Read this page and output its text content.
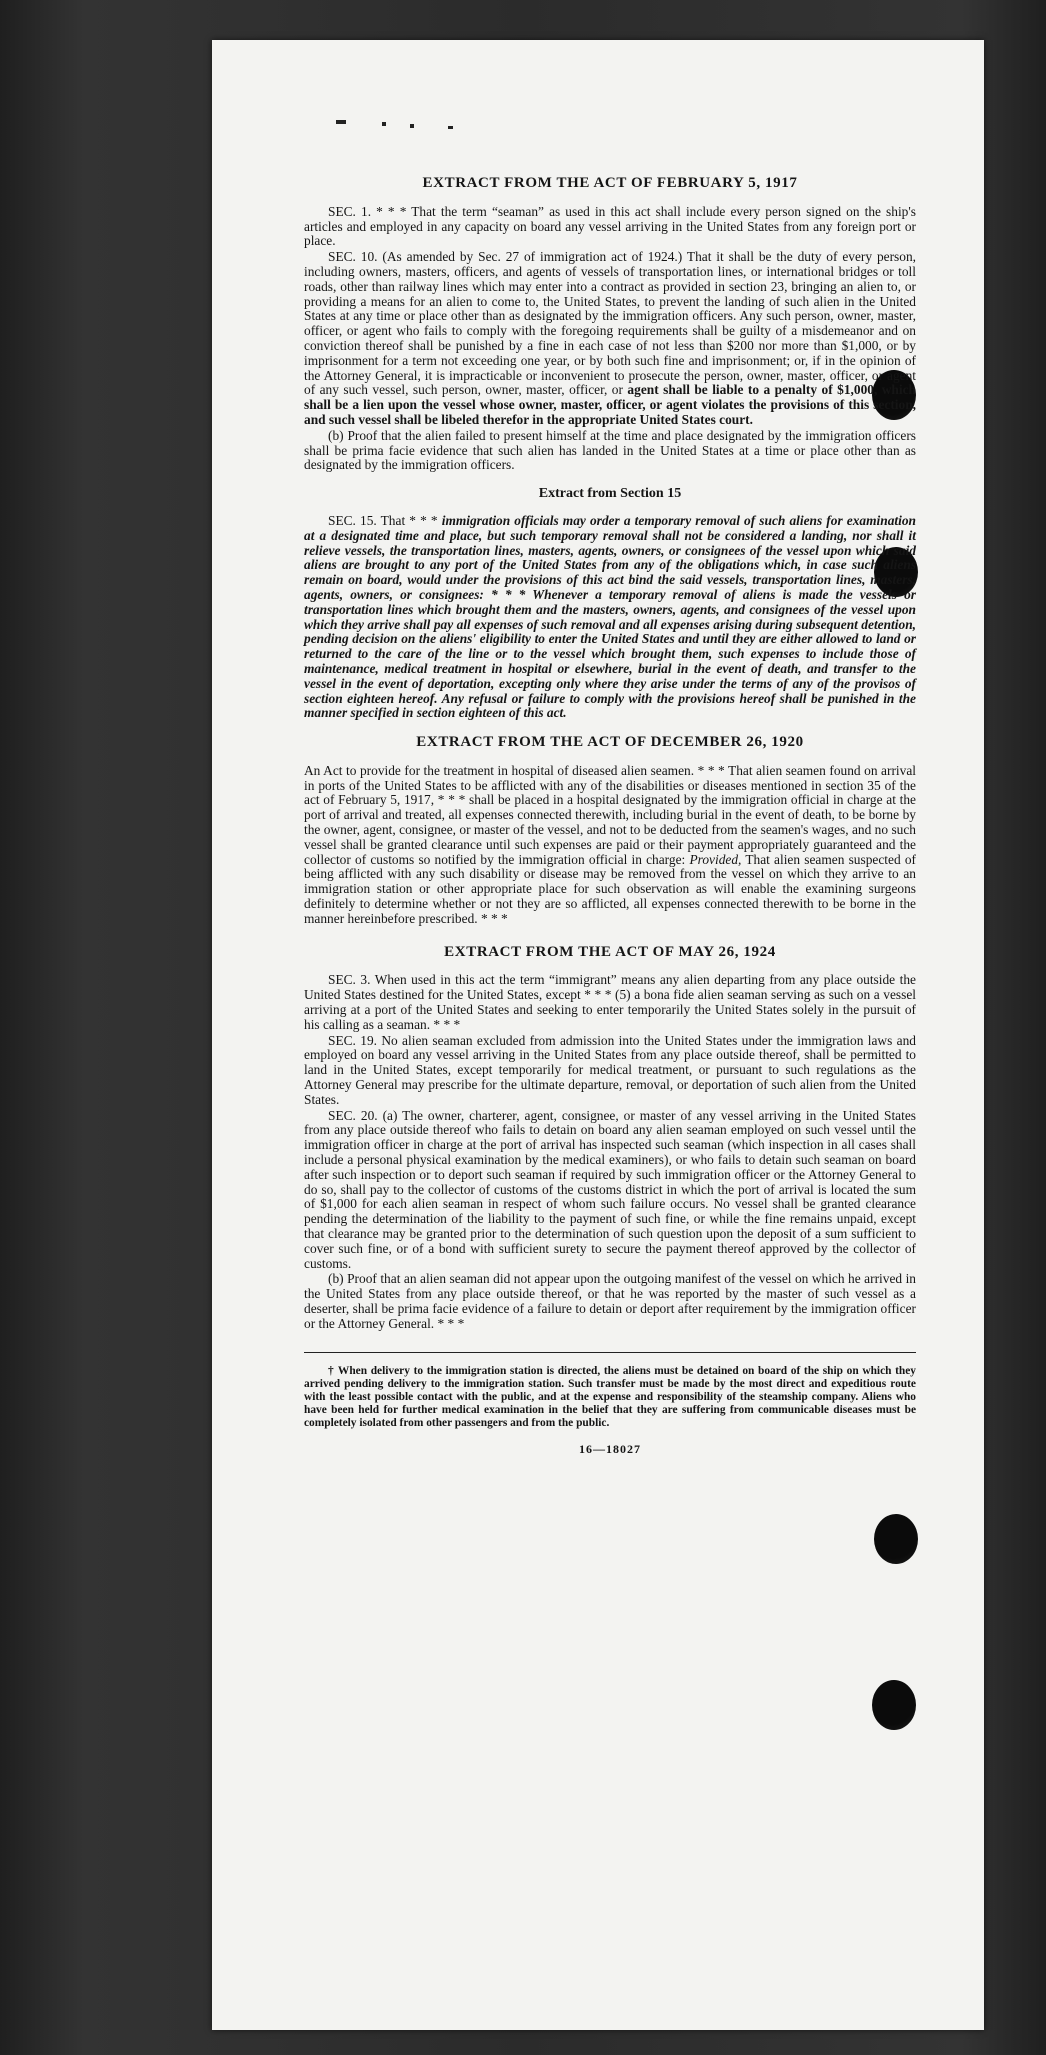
EXTRACT FROM THE ACT OF FEBRUARY 5, 1917

SEC. 1. * * * That the term “seaman” as used in this act shall include every person signed on the ship's articles and employed in any capacity on board any vessel arriving in the United States from any foreign port or place.

SEC. 10. (As amended by Sec. 27 of immigration act of 1924.) That it shall be the duty of every person, including owners, masters, officers, and agents of vessels of transportation lines, or international bridges or toll roads, other than railway lines which may enter into a contract as provided in section 23, bringing an alien to, or providing a means for an alien to come to, the United States, to prevent the landing of such alien in the United States at any time or place other than as designated by the immigration officers. Any such person, owner, master, officer, or agent who fails to comply with the foregoing requirements shall be guilty of a misdemeanor and on conviction thereof shall be punished by a fine in each case of not less than $200 nor more than $1,000, or by imprisonment for a term not exceeding one year, or by both such fine and imprisonment; or, if in the opinion of the Attorney General, it is impracticable or inconvenient to prosecute the person, owner, master, officer, or agent of any such vessel, such person, owner, master, officer, or agent shall be liable to a penalty of $1,000, which shall be a lien upon the vessel whose owner, master, officer, or agent violates the provisions of this section, and such vessel shall be libeled therefor in the appropriate United States court.

(b) Proof that the alien failed to present himself at the time and place designated by the immigration officers shall be prima facie evidence that such alien has landed in the United States at a time or place other than as designated by the immigration officers.

Extract from Section 15

SEC. 15. That * * * immigration officials may order a temporary removal of such aliens for examination at a designated time and place, but such temporary removal shall not be considered a landing, nor shall it relieve vessels, the transportation lines, masters, agents, owners, or consignees of the vessel upon which said aliens are brought to any port of the United States from any of the obligations which, in case such aliens remain on board, would under the provisions of this act bind the said vessels, transportation lines, masters, agents, owners, or consignees: * * * Whenever a temporary removal of aliens is made the vessels or transportation lines which brought them and the masters, owners, agents, and consignees of the vessel upon which they arrive shall pay all expenses of such removal and all expenses arising during subsequent detention, pending decision on the aliens' eligibility to enter the United States and until they are either allowed to land or returned to the care of the line or to the vessel which brought them, such expenses to include those of maintenance, medical treatment in hospital or elsewhere, burial in the event of death, and transfer to the vessel in the event of deportation, excepting only where they arise under the terms of any of the provisos of section eighteen hereof. Any refusal or failure to comply with the provisions hereof shall be punished in the manner specified in section eighteen of this act.

EXTRACT FROM THE ACT OF DECEMBER 26, 1920

An Act to provide for the treatment in hospital of diseased alien seamen. * * * That alien seamen found on arrival in ports of the United States to be afflicted with any of the disabilities or diseases mentioned in section 35 of the act of February 5, 1917, * * * shall be placed in a hospital designated by the immigration official in charge at the port of arrival and treated, all expenses connected therewith, including burial in the event of death, to be borne by the owner, agent, consignee, or master of the vessel, and not to be deducted from the seamen's wages, and no such vessel shall be granted clearance until such expenses are paid or their payment appropriately guaranteed and the collector of customs so notified by the immigration official in charge: Provided, That alien seamen suspected of being afflicted with any such disability or disease may be removed from the vessel on which they arrive to an immigration station or other appropriate place for such observation as will enable the examining surgeons definitely to determine whether or not they are so afflicted, all expenses connected therewith to be borne in the manner hereinbefore prescribed. * * *

EXTRACT FROM THE ACT OF MAY 26, 1924

SEC. 3. When used in this act the term “immigrant” means any alien departing from any place outside the United States destined for the United States, except * * * (5) a bona fide alien seaman serving as such on a vessel arriving at a port of the United States and seeking to enter temporarily the United States solely in the pursuit of his calling as a seaman. * * *

SEC. 19. No alien seaman excluded from admission into the United States under the immigration laws and employed on board any vessel arriving in the United States from any place outside thereof, shall be permitted to land in the United States, except temporarily for medical treatment, or pursuant to such regulations as the Attorney General may prescribe for the ultimate departure, removal, or deportation of such alien from the United States.

SEC. 20. (a) The owner, charterer, agent, consignee, or master of any vessel arriving in the United States from any place outside thereof who fails to detain on board any alien seaman employed on such vessel until the immigration officer in charge at the port of arrival has inspected such seaman (which inspection in all cases shall include a personal physical examination by the medical examiners), or who fails to detain such seaman on board after such inspection or to deport such seaman if required by such immigration officer or the Attorney General to do so, shall pay to the collector of customs of the customs district in which the port of arrival is located the sum of $1,000 for each alien seaman in respect of whom such failure occurs. No vessel shall be granted clearance pending the determination of the liability to the payment of such fine, or while the fine remains unpaid, except that clearance may be granted prior to the determination of such question upon the deposit of a sum sufficient to cover such fine, or of a bond with sufficient surety to secure the payment thereof approved by the collector of customs.

(b) Proof that an alien seaman did not appear upon the outgoing manifest of the vessel on which he arrived in the United States from any place outside thereof, or that he was reported by the master of such vessel as a deserter, shall be prima facie evidence of a failure to detain or deport after requirement by the immigration officer or the Attorney General. * * *

† When delivery to the immigration station is directed, the aliens must be detained on board of the ship on which they arrived pending delivery to the immigration station. Such transfer must be made by the most direct and expeditious route with the least possible contact with the public, and at the expense and responsibility of the steamship company. Aliens who have been held for further medical examination in the belief that they are suffering from communicable diseases must be completely isolated from other passengers and from the public.

16—18027
